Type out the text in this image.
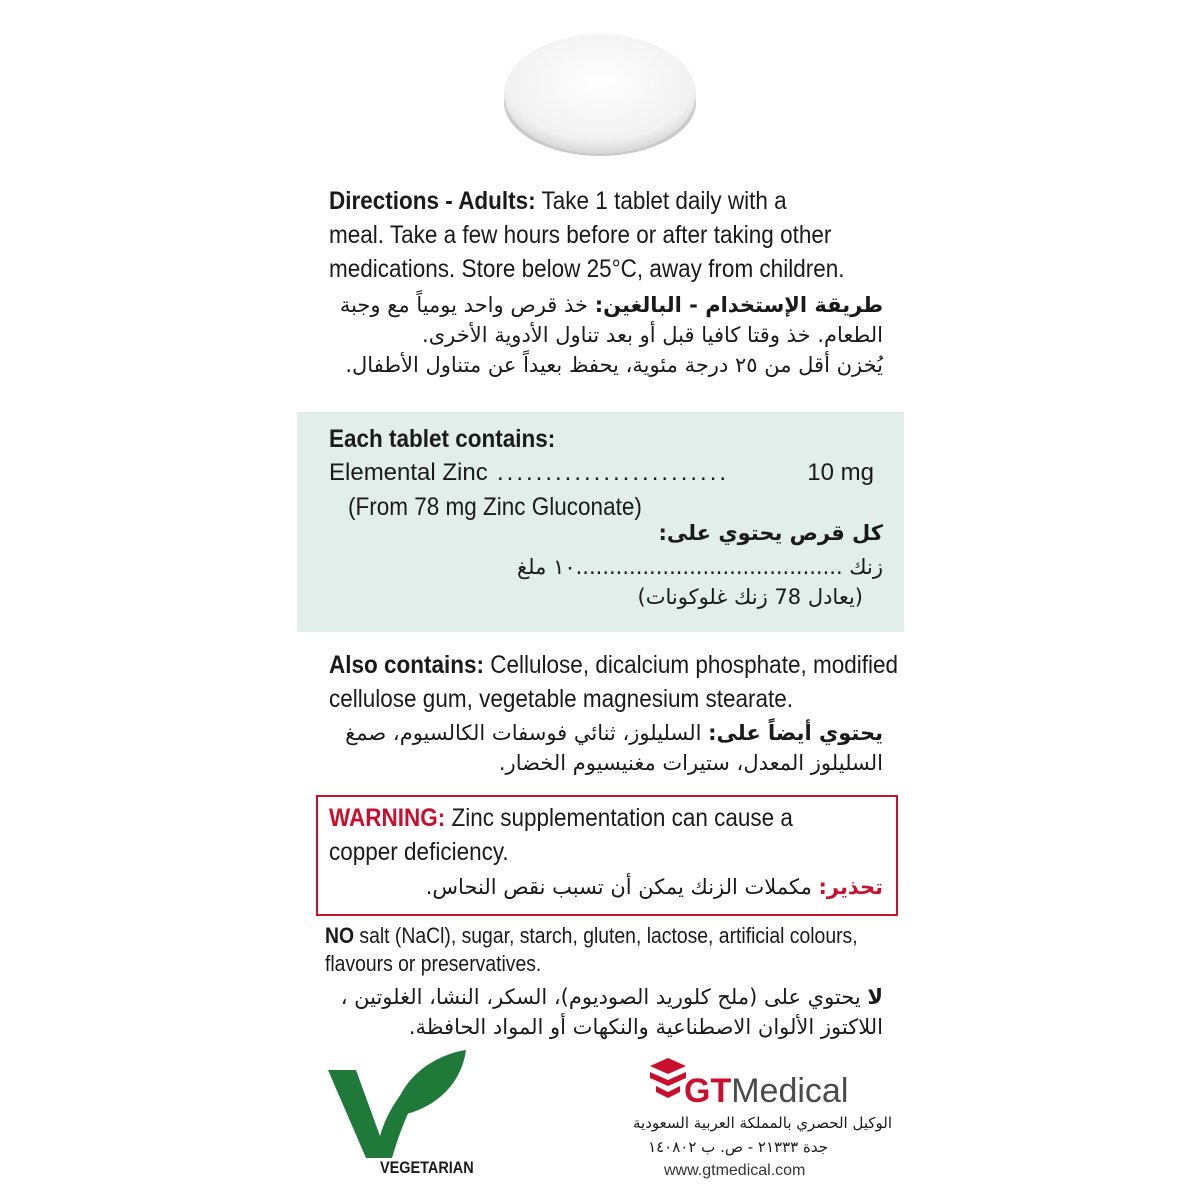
Directions - Adults: Take 1 tablet daily with a
meal. Take a few hours before or after taking other
medications. Store below 25°C, away from children.
طريقة الإستخدام - البالغين: خذ قرص واحد يومياً مع وجبة
الطعام. خذ وقتا كافيا قبل أو بعد تناول الأدوية الأخرى.
يُخزن أقل من ٢٥ درجة مئوية، يحفظ بعيداً عن متناول الأطفال.
Each tablet contains:
Elemental Zinc ........................	10 mg
(From 78 mg Zinc Gluconate)
كل قرص يحتوي على:
زنك ........................................١٠ ملغ
(يعادل 78 زنك غلوكونات)
Also contains: Cellulose, dicalcium phosphate, modified
cellulose gum, vegetable magnesium stearate.
يحتوي أيضاً على: السليلوز، ثنائي فوسفات الكالسيوم، صمغ
السليلوز المعدل، ستيرات مغنيسيوم الخضار.
WARNING: Zinc supplementation can cause a
copper deficiency.
تحذير: مكملات الزنك يمكن أن تسبب نقص النحاس.
NO salt (NaCl), sugar, starch, gluten, lactose, artificial colours,
flavours or preservatives.
لا يحتوي على (ملح كلوريد الصوديوم)، السكر، النشا، الغلوتين ،
اللاكتوز الألوان الاصطناعية والنكهات أو المواد الحافظة.
VEGETARIAN
GTMedical
الوكيل الحصري بالمملكة العربية السعودية
جدة ٢١٣٣٣ - ص. ب ١٤٠٨٠٢
www.gtmedical.com
